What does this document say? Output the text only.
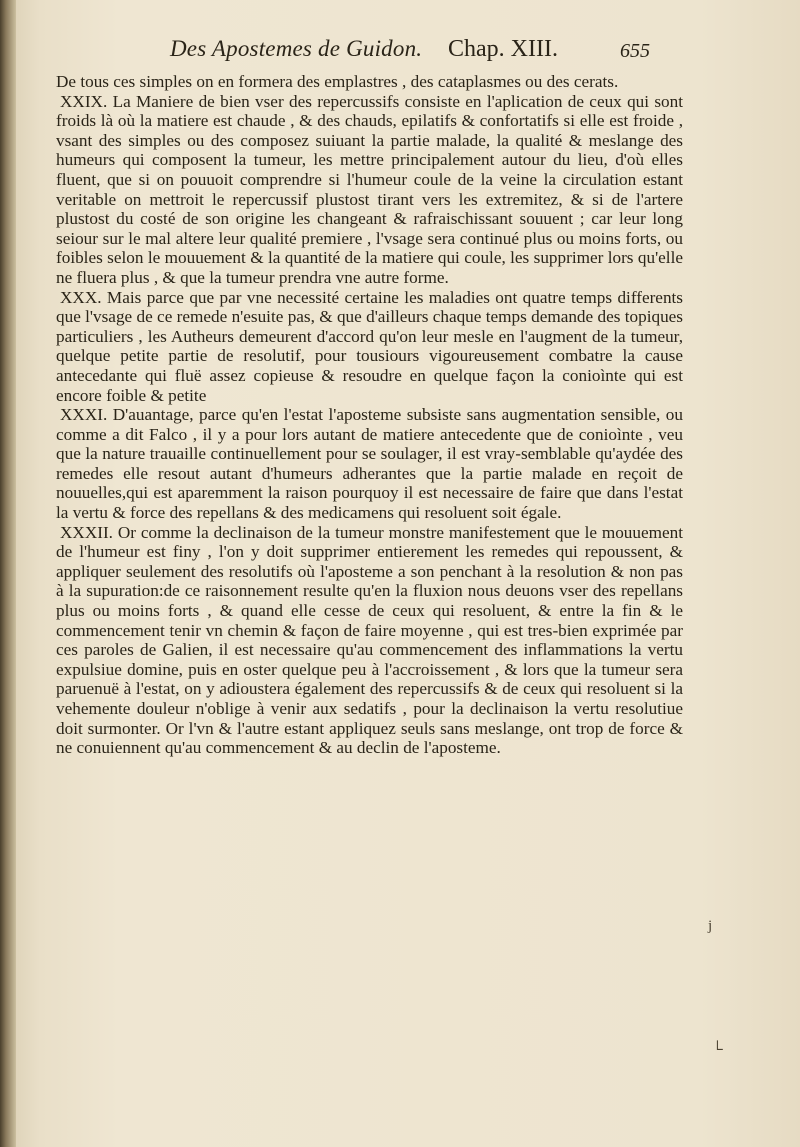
Des Apostemes de Guidon. Chap. XIII.	655

De tous ces simples on en formera des emplastres , des cataplasmes ou des cerats.

XXIX. La Maniere de bien vser des repercussifs consiste en l'aplication de ceux qui sont froids là où la matiere est chaude , & des chauds, epilatifs & confortatifs si elle est froide , vsant des simples ou des composez suiuant la partie malade, la qualité & meslange des humeurs qui composent la tumeur, les mettre principalement autour du lieu, d'où elles fluent, que si on pouuoit comprendre si l'humeur coule de la veine la circulation estant veritable on mettroit le repercussif plustost tirant vers les extremitez, & si de l'artere plustost du costé de son origine les changeant & rafraischissant souuent ; car leur long seiour sur le mal altere leur qualité premiere , l'vsage sera continué plus ou moins forts, ou foibles selon le mouuement & la quantité de la matiere qui coule, les supprimer lors qu'elle ne fluera plus , & que la tumeur prendra vne autre forme.

XXX. Mais parce que par vne necessité certaine les maladies ont quatre temps differents que l'vsage de ce remede n'esuite pas, & que d'ailleurs chaque temps demande des topiques particuliers , les Autheurs demeurent d'accord qu'on leur mesle en l'augment de la tumeur, quelque petite partie de resolutif, pour tousiours vigoureusement combatre la cause antecedante qui fluë assez copieuse & resoudre en quelque façon la conioìnte qui est encore foible & petite

XXXI. D'auantage, parce qu'en l'estat l'aposteme subsiste sans augmentation sensible, ou comme a dit Falco , il y a pour lors autant de matiere antecedente que de conioìnte , veu que la nature trauaille continuellement pour se soulager, il est vray-semblable qu'aydée des remedes elle resout autant d'humeurs adherantes que la partie malade en reçoit de nouuelles,qui est aparemment la raison pourquoy il est necessaire de faire que dans l'estat la vertu & force des repellans & des medicamens qui resoluent soit égale.

XXXII. Or comme la declinaison de la tumeur monstre manifestement que le mouuement de l'humeur est finy , l'on y doit supprimer entierement les remedes qui repoussent, & appliquer seulement des resolutifs où l'aposteme a son penchant à la resolution & non pas à la supuration:de ce raisonnement resulte qu'en la fluxion nous deuons vser des repellans plus ou moins forts , & quand elle cesse de ceux qui resoluent, & entre la fin & le commencement tenir vn chemin & façon de faire moyenne , qui est tres-bien exprimée par ces paroles de Galien, il est necessaire qu'au commencement des inflammations la vertu expulsiue domine, puis en oster quelque peu à l'accroissement , & lors que la tumeur sera paruenuë à l'estat, on y adioustera également des repercussifs & de ceux qui resoluent si la vehemente douleur n'oblige à venir aux sedatifs , pour la declinaison la vertu resolutiue doit surmonter. Or l'vn & l'autre estant appliquez seuls sans meslange, ont trop de force & ne conuiennent qu'au commencement & au declin de l'aposteme.

j
└
